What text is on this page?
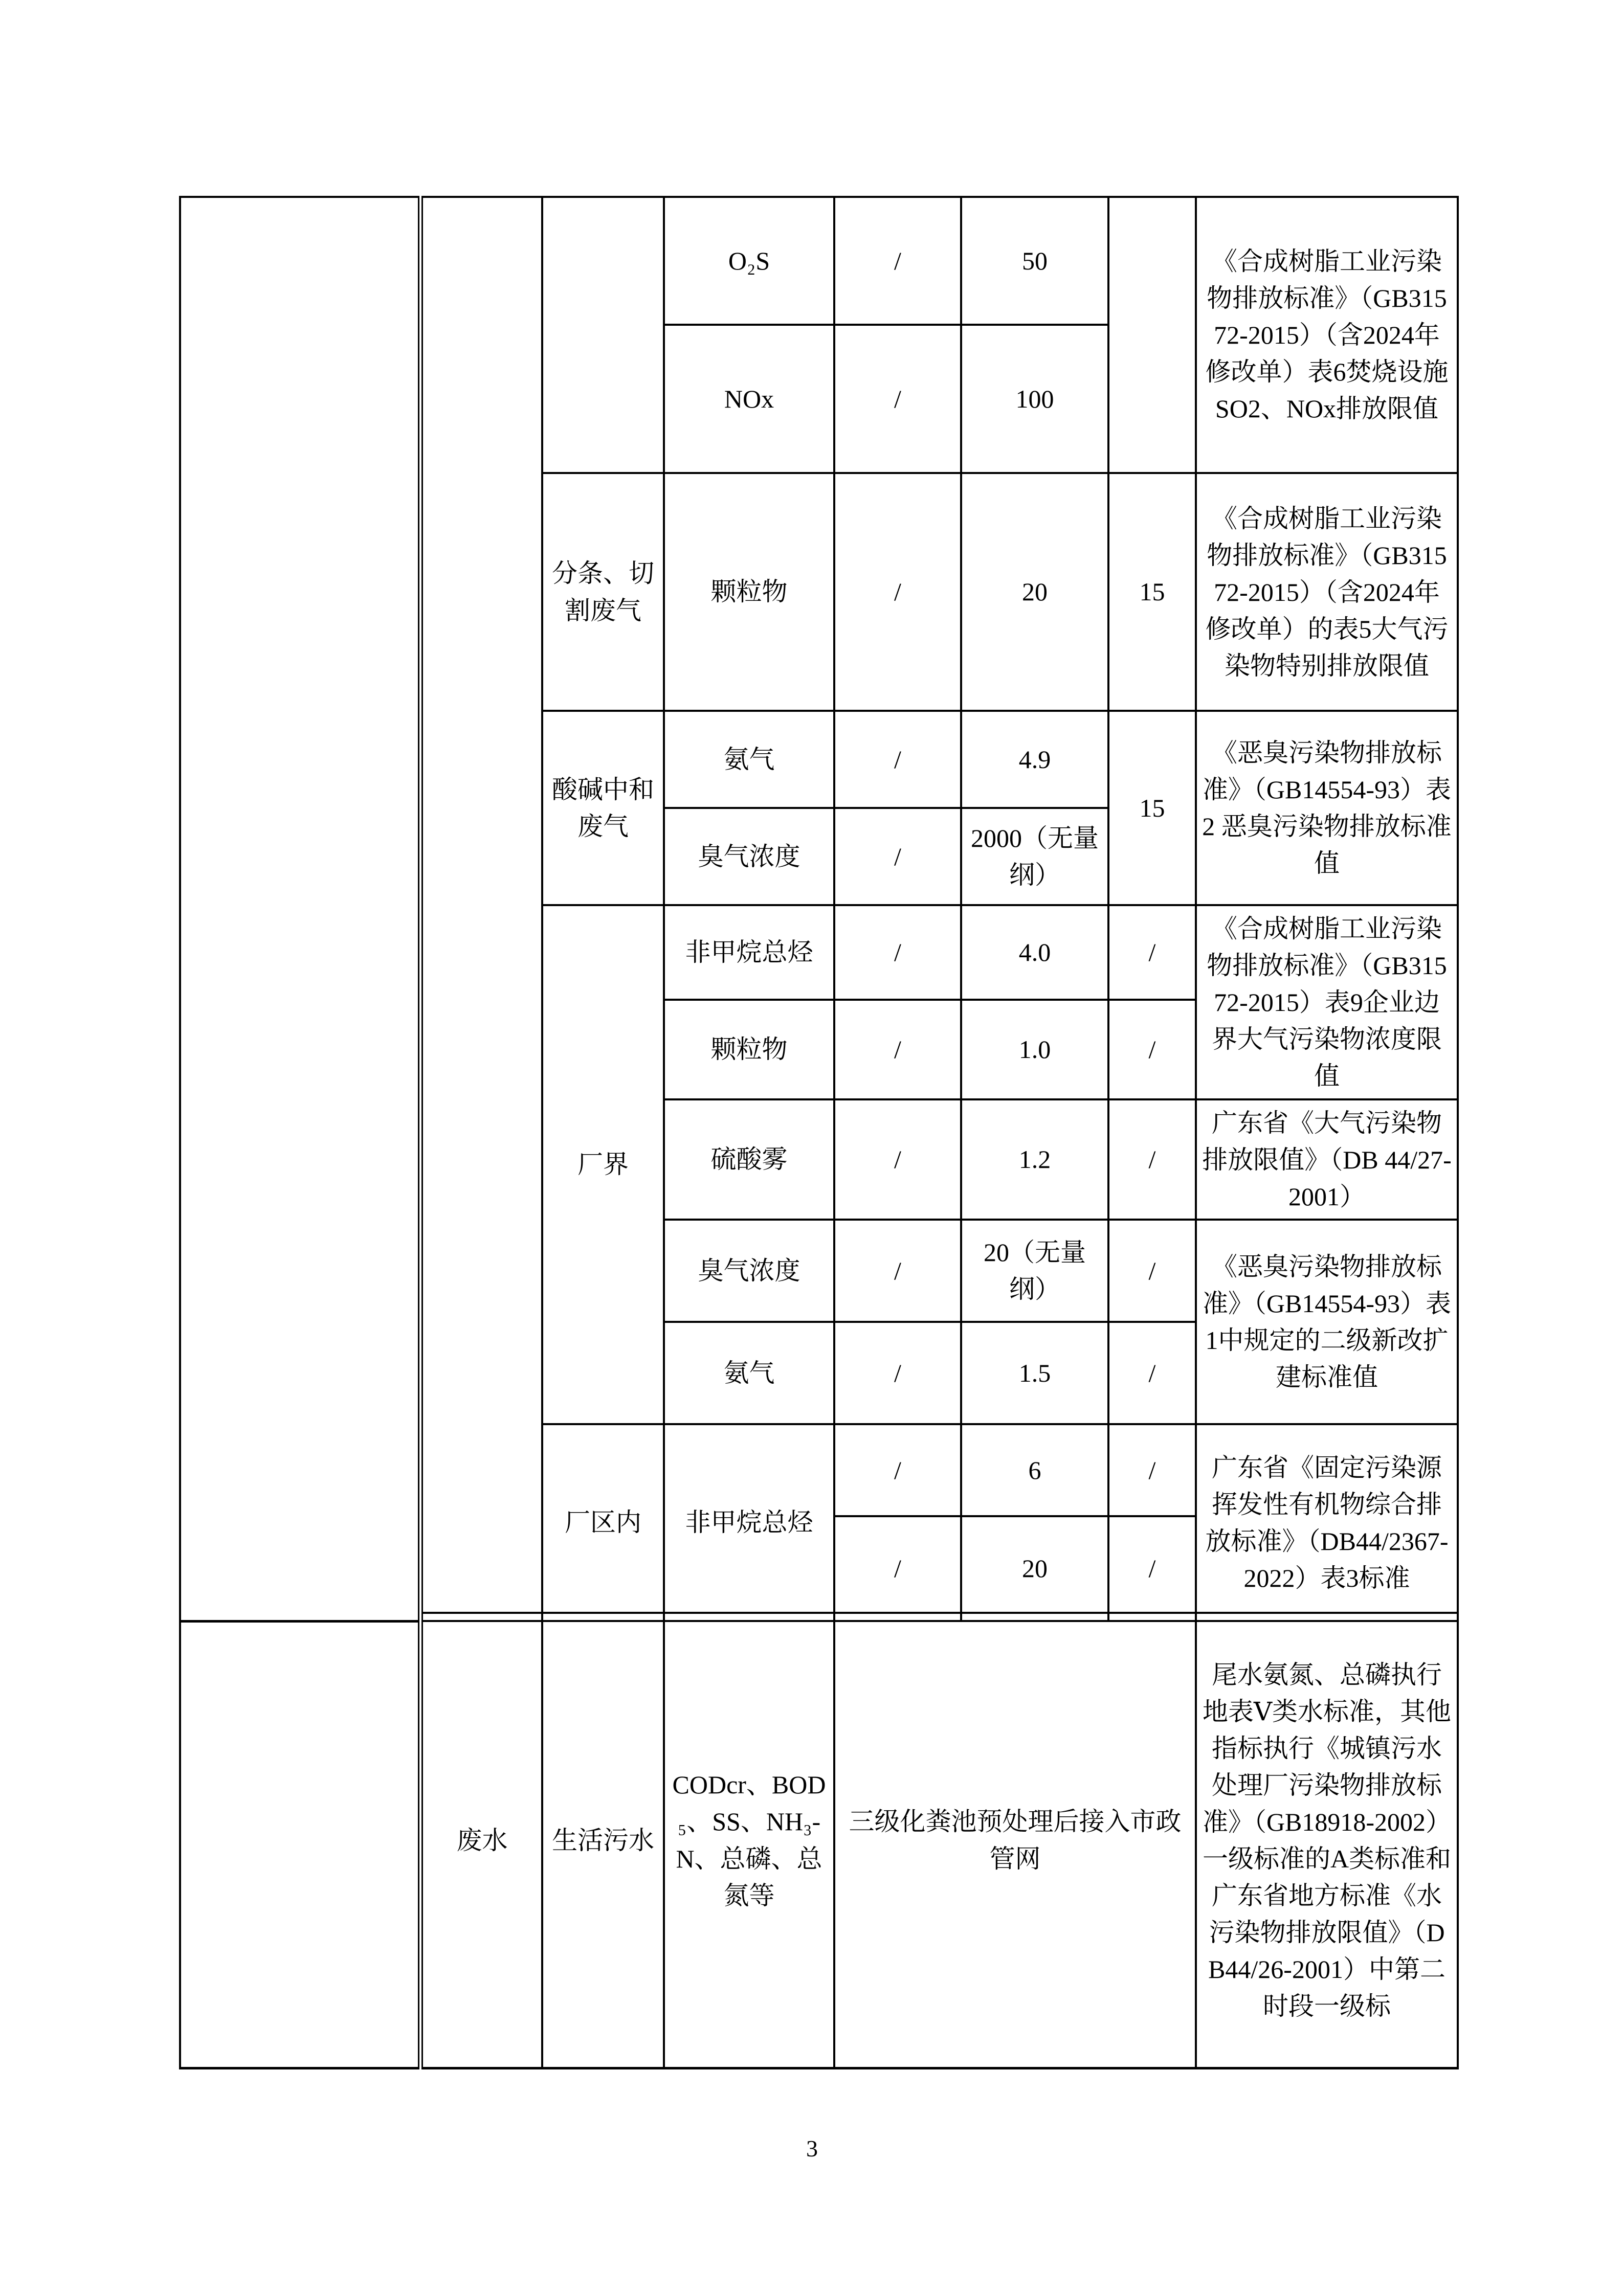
			O₂S	/	50		《合成树脂工业污染物排放标准》（GB31572-2015）（含2024年修改单）表6焚烧设施SO2、NOx排放限值
			NOx	/	100		
		分条、切割废气	颗粒物	/	20	15	《合成树脂工业污染物排放标准》（GB31572-2015）（含2024年修改单）的表5大气污染物特别排放限值
		酸碱中和废气	氨气	/	4.9	15	《恶臭污染物排放标准》（GB14554-93）表2 恶臭污染物排放标准值
			臭气浓度	/	2000（无量纲）		
		厂界	非甲烷总烃	/	4.0	/	《合成树脂工业污染物排放标准》（GB31572-2015）表9企业边界大气污染物浓度限值
			颗粒物	/	1.0	/	
			硫酸雾	/	1.2	/	广东省《大气污染物排放限值》（DB 44/27-2001）
			臭气浓度	/	20（无量纲）	/	《恶臭污染物排放标准》（GB14554-93）表1中规定的二级新改扩建标准值
			氨气	/	1.5	/	
		厂区内	非甲烷总烃	/	6	/	广东省《固定污染源挥发性有机物综合排放标准》（DB44/2367-2022）表3标准
				/	20	/	
	废水	生活污水	CODcr、BOD₅、SS、NH₃-N、总磷、总氮等	三级化粪池预处理后接入市政管网	尾水氨氮、总磷执行地表Ⅴ类水标准，其他指标执行《城镇污水处理厂污染物排放标准》（GB18918-2002）一级标准的A类标准和广东省地方标准《水污染物排放限值》（DB44/26-2001）中第二时段一级标
3
